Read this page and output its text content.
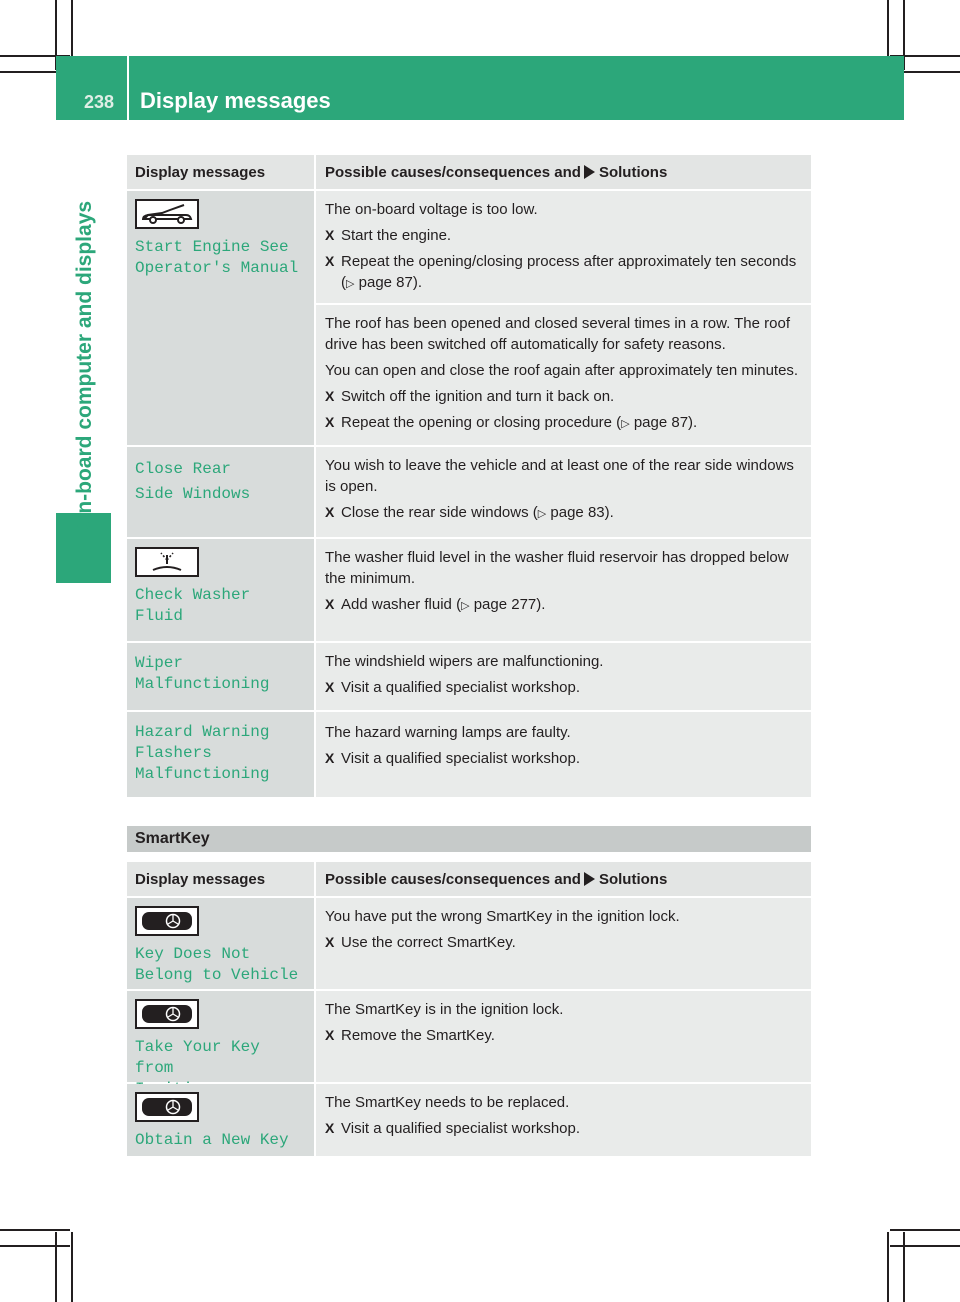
238 Display messages
On-board computer and displays
Display messages	Possible causes/consequences and Solutions
Start Engine See
Operator's Manual
The on-board voltage is too low.
X Start the engine.
X Repeat the opening/closing process after approximately ten seconds (▷ page 87).
The roof has been opened and closed several times in a row. The roof drive has been switched off automatically for safety reasons.
You can open and close the roof again after approximately ten minutes.
X Switch off the ignition and turn it back on.
X Repeat the opening or closing procedure (▷ page 87).
Close Rear
Side Windows
You wish to leave the vehicle and at least one of the rear side windows is open.
X Close the rear side windows (▷ page 83).
Check Washer Fluid
The washer fluid level in the washer fluid reservoir has dropped below the minimum.
X Add washer fluid (▷ page 277).
Wiper
Malfunctioning
The windshield wipers are malfunctioning.
X Visit a qualified specialist workshop.
Hazard Warning
Flashers
Malfunctioning
The hazard warning lamps are faulty.
X Visit a qualified specialist workshop.
SmartKey
Display messages	Possible causes/consequences and Solutions
Key Does Not
Belong to Vehicle
You have put the wrong SmartKey in the ignition lock.
X Use the correct SmartKey.
Take Your Key from
The SmartKey is in the ignition lock.
X Remove the SmartKey.
Obtain a New Key
The SmartKey needs to be replaced.
X Visit a qualified specialist workshop.
